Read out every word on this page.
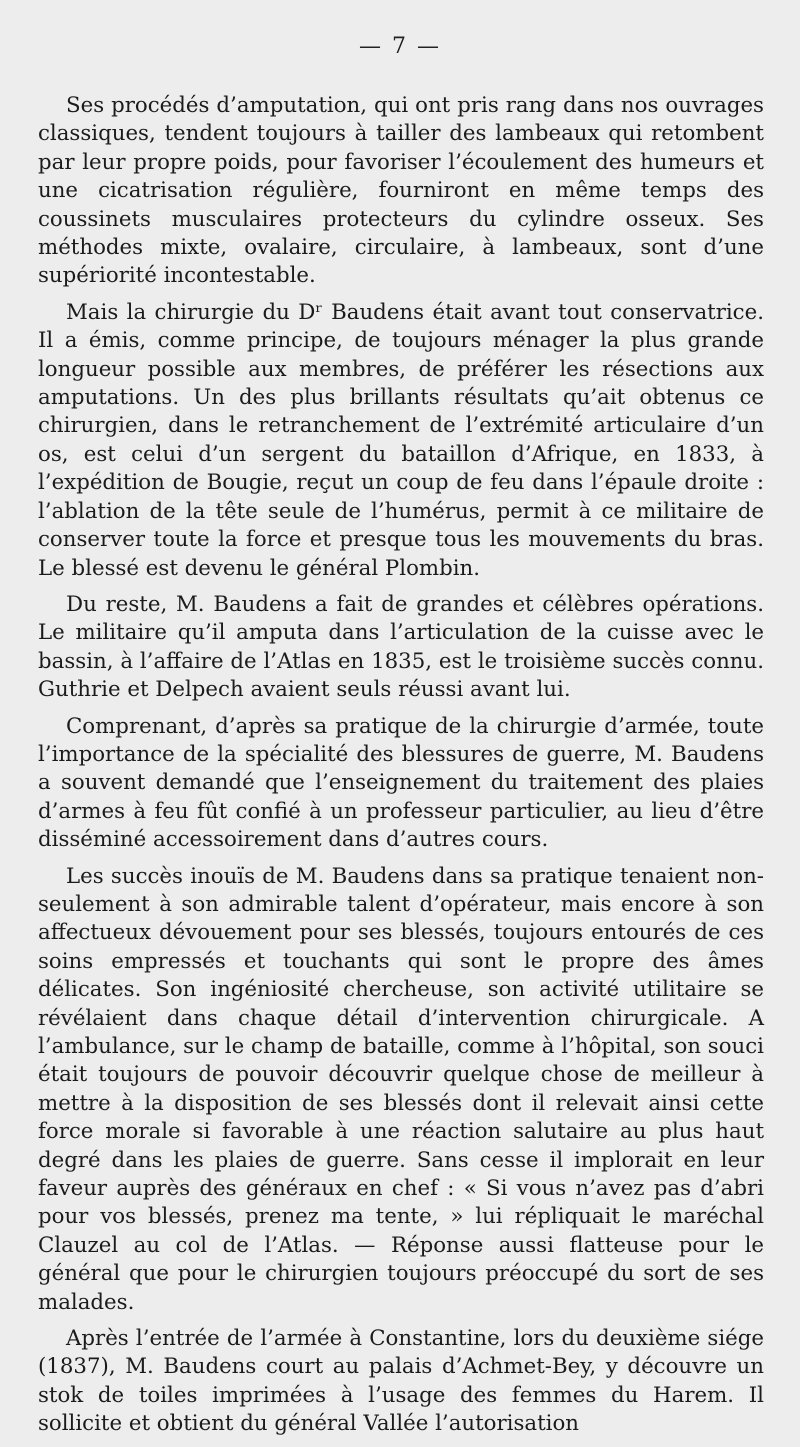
— 7 —

Ses procédés d’amputation, qui ont pris rang dans nos ouvrages classiques, tendent toujours à tailler des lambeaux qui retombent par leur propre poids, pour favoriser l’écoulement des humeurs et une cicatrisation régulière, fourniront en même temps des coussinets musculaires protecteurs du cylindre osseux. Ses méthodes mixte, ovalaire, circulaire, à lambeaux, sont d’une supériorité incontestable.

Mais la chirurgie du Dʳ Baudens était avant tout conservatrice. Il a émis, comme principe, de toujours ménager la plus grande longueur possible aux membres, de préférer les résections aux amputations. Un des plus brillants résultats qu’ait obtenus ce chirurgien, dans le retranchement de l’extrémité articulaire d’un os, est celui d’un sergent du bataillon d’Afrique, en 1833, à l’expédition de Bougie, reçut un coup de feu dans l’épaule droite : l’ablation de la tête seule de l’humérus, permit à ce militaire de conserver toute la force et presque tous les mouvements du bras. Le blessé est devenu le général Plombin.

Du reste, M. Baudens a fait de grandes et célèbres opérations. Le militaire qu’il amputa dans l’articulation de la cuisse avec le bassin, à l’affaire de l’Atlas en 1835, est le troisième succès connu. Guthrie et Delpech avaient seuls réussi avant lui.

Comprenant, d’après sa pratique de la chirurgie d’armée, toute l’importance de la spécialité des blessures de guerre, M. Baudens a souvent demandé que l’enseignement du traitement des plaies d’armes à feu fût confié à un professeur particulier, au lieu d’être disséminé accessoirement dans d’autres cours.

Les succès inouïs de M. Baudens dans sa pratique tenaient non-seulement à son admirable talent d’opérateur, mais encore à son affectueux dévouement pour ses blessés, toujours entourés de ces soins empressés et touchants qui sont le propre des âmes délicates. Son ingéniosité chercheuse, son activité utilitaire se révélaient dans chaque détail d’intervention chirurgicale. A l’ambulance, sur le champ de bataille, comme à l’hôpital, son souci était toujours de pouvoir découvrir quelque chose de meilleur à mettre à la disposition de ses blessés dont il relevait ainsi cette force morale si favorable à une réaction salutaire au plus haut degré dans les plaies de guerre. Sans cesse il implorait en leur faveur auprès des généraux en chef : « Si vous n’avez pas d’abri pour vos blessés, prenez ma tente, » lui répliquait le maréchal Clauzel au col de l’Atlas. — Réponse aussi flatteuse pour le général que pour le chirurgien toujours préoccupé du sort de ses malades.

Après l’entrée de l’armée à Constantine, lors du deuxième siége (1837), M. Baudens court au palais d’Achmet-Bey, y découvre un stok de toiles imprimées à l’usage des femmes du Harem. Il sollicite et obtient du général Vallée l’autorisation
